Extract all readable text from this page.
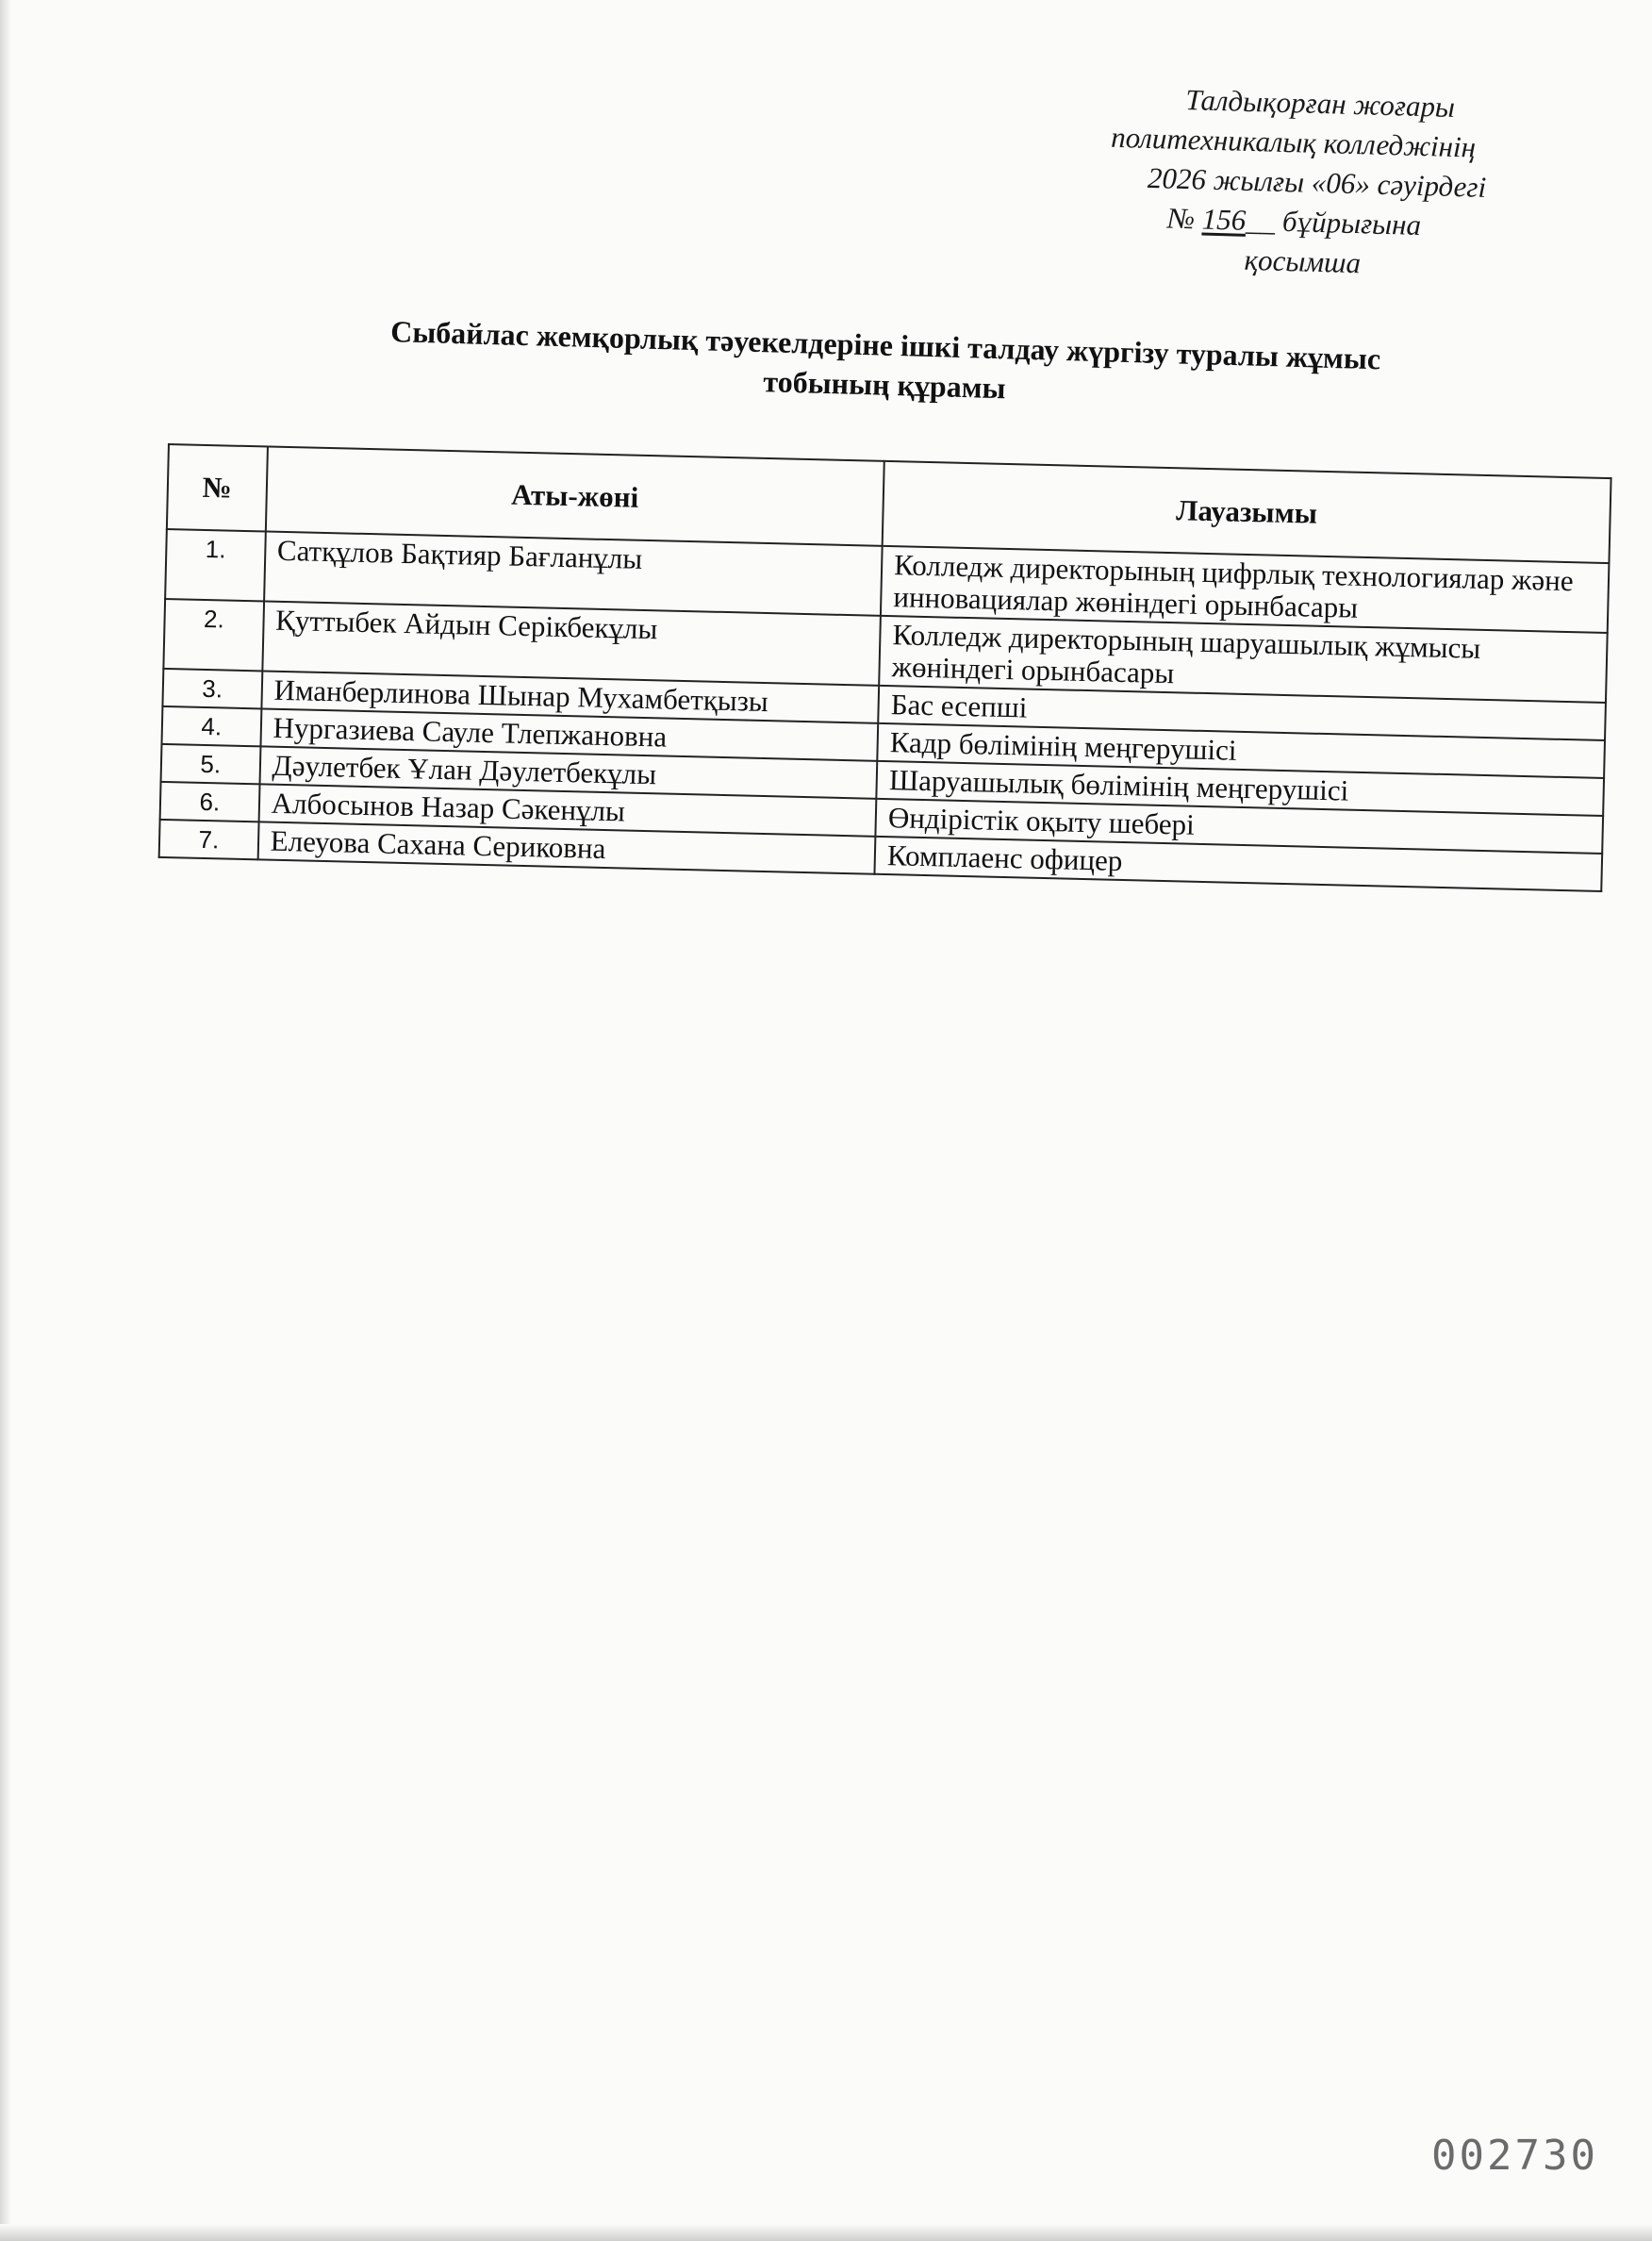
Талдықорған жоғары
политехникалық колледжінің
2026 жылғы «06» сәуірдегі
№ 156__ бұйрығына
қосымша
Сыбайлас жемқорлық тәуекелдеріне ішкі талдау жүргізу туралы жұмыс
тобының құрамы
№	Аты-жөні	Лауазымы
1.	Сатқұлов Бақтияр Бағланұлы	Колледж директорының цифрлық технологиялар және инновациялар жөніндегі орынбасары
2.	Қуттыбек Айдын Серікбекұлы	Колледж директорының шаруашылық жұмысы жөніндегі орынбасары
3.	Иманберлинова Шынар Мухамбетқызы	Бас есепші
4.	Нургазиева Сауле Тлепжановна	Кадр бөлімінің меңгерушісі
5.	Дәулетбек Ұлан Дәулетбекұлы	Шаруашылық бөлімінің меңгерушісі
6.	Албосынов Назар Сәкенұлы	Өндірістік оқыту шебері
7.	Елеуова Сахана Сериковна	Комплаенс офицер
002730
